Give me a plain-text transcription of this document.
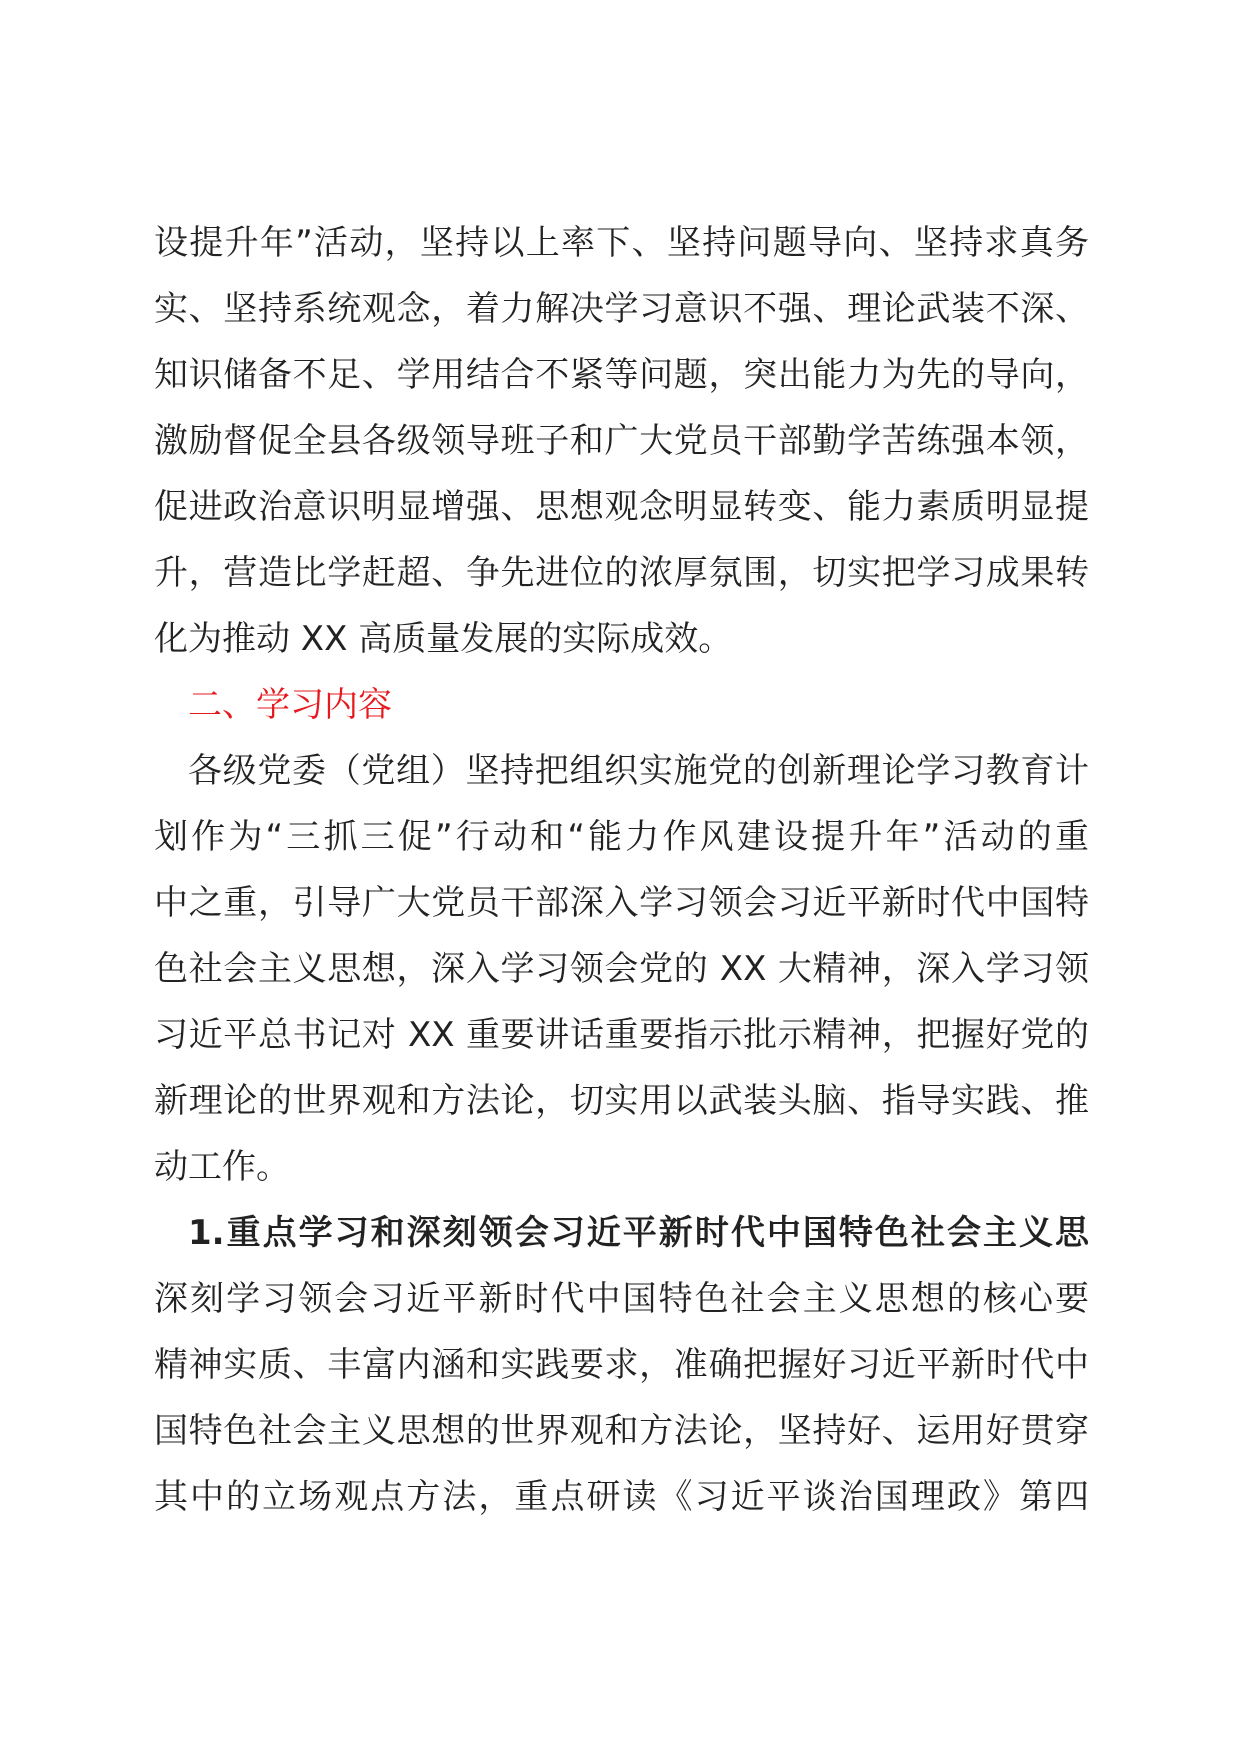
设提升年”活动，坚持以上率下、坚持问题导向、坚持求真务
实、坚持系统观念，着力解决学习意识不强、理论武装不深、
知识储备不足、学用结合不紧等问题，突出能力为先的导向，
激励督促全县各级领导班子和广大党员干部勤学苦练强本领，
促进政治意识明显增强、思想观念明显转变、能力素质明显提
升，营造比学赶超、争先进位的浓厚氛围，切实把学习成果转
化为推动 XX 高质量发展的实际成效。
二、学习内容
各级党委（党组）坚持把组织实施党的创新理论学习教育计
划作为“三抓三促”行动和“能力作风建设提升年”活动的重
中之重，引导广大党员干部深入学习领会习近平新时代中国特
色社会主义思想，深入学习领会党的 XX 大精神，深入学习领
习近平总书记对 XX 重要讲话重要指示批示精神，把握好党的
新理论的世界观和方法论，切实用以武装头脑、指导实践、推
动工作。
1.重点学习和深刻领会习近平新时代中国特色社会主义思
深刻学习领会习近平新时代中国特色社会主义思想的核心要
精神实质、丰富内涵和实践要求，准确把握好习近平新时代中
国特色社会主义思想的世界观和方法论，坚持好、运用好贯穿
其中的立场观点方法，重点研读《习近平谈治国理政》第四
